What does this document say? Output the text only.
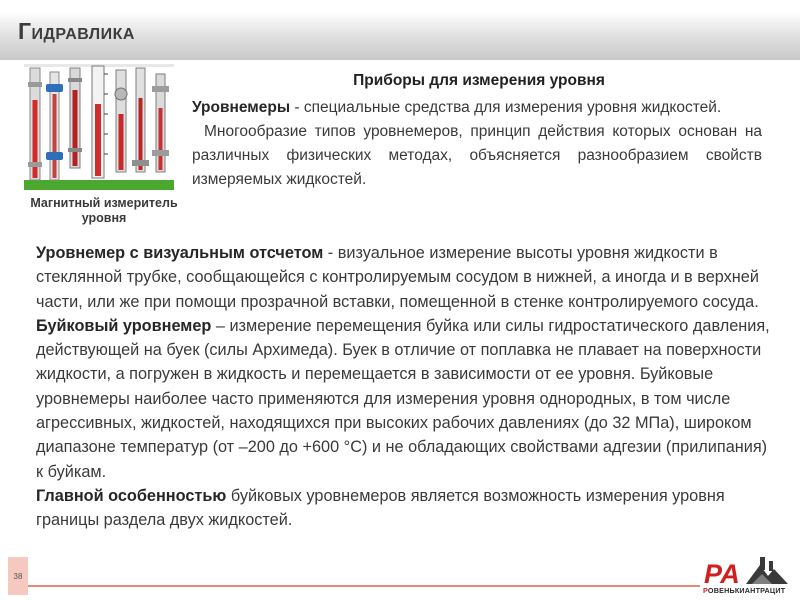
Гидравлика
Магнитный измеритель уровня
Приборы для измерения уровня

Уровнемеры - специальные средства для измерения уровня жидкостей.

Многообразие типов уровнемеров, принцип действия которых основан на различных физических методах, объясняется разнообразием свойств измеряемых жидкостей.

Уровнемер с визуальным отсчетом - визуальное измерение высоты уровня жидкости в стеклянной трубке, сообщающейся с контролируемым сосудом в нижней, а иногда и в верхней части, или же при помощи прозрачной вставки, помещенной в стенке контролируемого сосуда.

Буйковый уровнемер – измерение перемещения буйка или силы гидростатического давления, действующей на буек (силы Архимеда). Буек в отличие от поплавка не плавает на поверхности жидкости, а погружен в жидкость и перемещается в зависимости от ее уровня. Буйковые уровнемеры наиболее часто применяются для измерения уровня однородных, в том числе агрессивных, жидкостей, находящихся при высоких рабочих давлениях (до 32 МПа), широком диапазоне температур (от –200 до +600 °С) и не обладающих свойствами адгезии (прилипания) к буйкам.

Главной особенностью буйковых уровнемеров является возможность измерения уровня границы раздела двух жидкостей.

38	РА
РОВЕНЬКИАНТРАЦИТ
